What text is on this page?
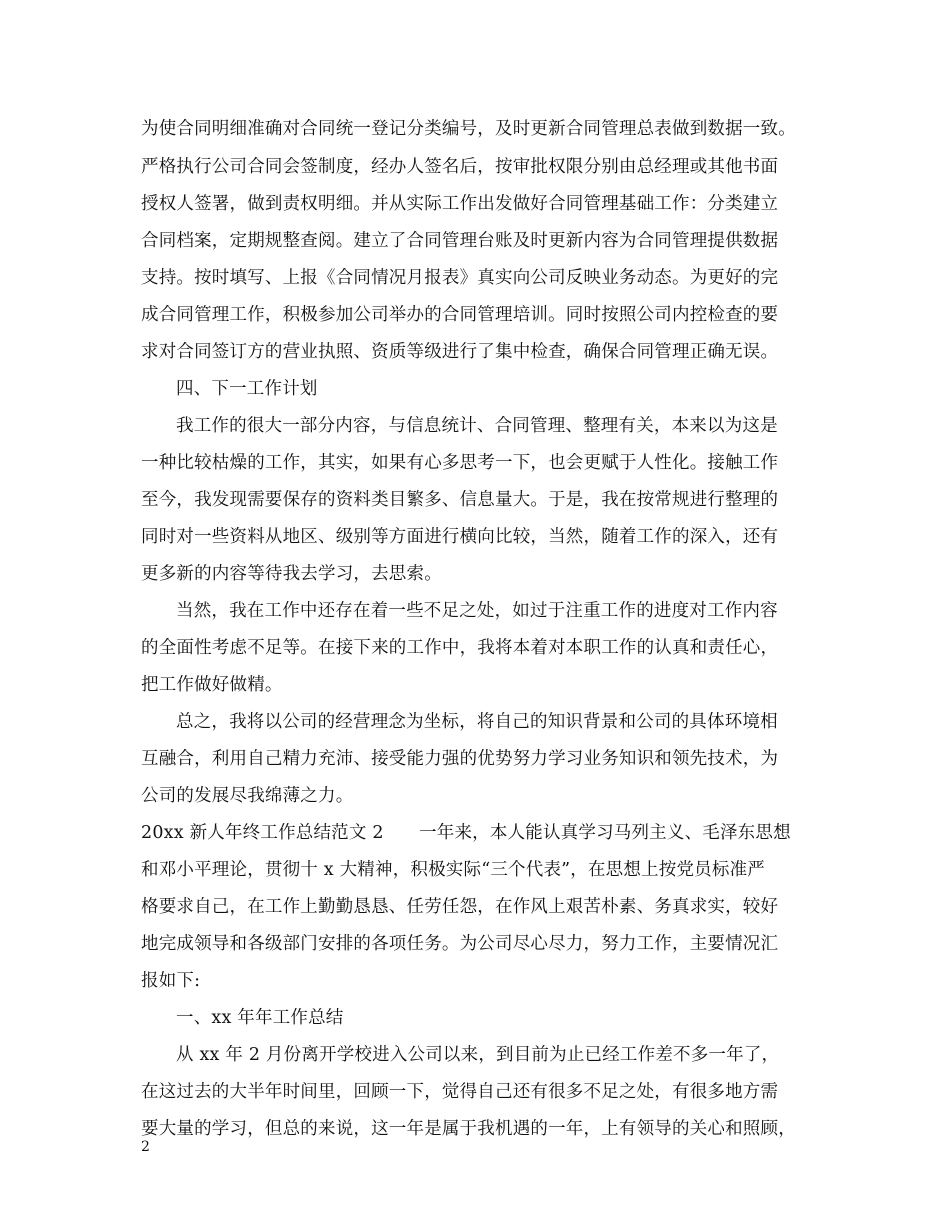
为使合同明细准确对合同统一登记分类编号，及时更新合同管理总表做到数据一致。
严格执行公司合同会签制度，经办人签名后，按审批权限分别由总经理或其他书面
授权人签署，做到责权明细。并从实际工作出发做好合同管理基础工作：分类建立
合同档案，定期规整查阅。建立了合同管理台账及时更新内容为合同管理提供数据
支持。按时填写、上报《合同情况月报表》真实向公司反映业务动态。为更好的完
成合同管理工作，积极参加公司举办的合同管理培训。同时按照公司内控检查的要
求对合同签订方的营业执照、资质等级进行了集中检查，确保合同管理正确无误。
四、下一工作计划
我工作的很大一部分内容，与信息统计、合同管理、整理有关，本来以为这是
一种比较枯燥的工作，其实，如果有心多思考一下，也会更赋于人性化。接触工作
至今，我发现需要保存的资料类目繁多、信息量大。于是，我在按常规进行整理的
同时对一些资料从地区、级别等方面进行横向比较，当然，随着工作的深入，还有
更多新的内容等待我去学习，去思索。
当然，我在工作中还存在着一些不足之处，如过于注重工作的进度对工作内容
的全面性考虑不足等。在接下来的工作中，我将本着对本职工作的认真和责任心，
把工作做好做精。
总之，我将以公司的经营理念为坐标，将自己的知识背景和公司的具体环境相
互融合，利用自己精力充沛、接受能力强的优势努力学习业务知识和领先技术，为
公司的发展尽我绵薄之力。
20xx 新人年终工作总结范文 2　　一年来，本人能认真学习马列主义、毛泽东思想
和邓小平理论，贯彻十 x 大精神，积极实际“三个代表”，在思想上按党员标准严
格要求自己，在工作上勤勤恳恳、任劳任怨，在作风上艰苦朴素、务真求实，较好
地完成领导和各级部门安排的各项任务。为公司尽心尽力，努力工作，主要情况汇
报如下:
一、xx 年年工作总结
从 xx 年 2 月份离开学校进入公司以来，到目前为止已经工作差不多一年了，
在这过去的大半年时间里，回顾一下，觉得自己还有很多不足之处，有很多地方需
要大量的学习，但总的来说，这一年是属于我机遇的一年，上有领导的关心和照顾，
2
